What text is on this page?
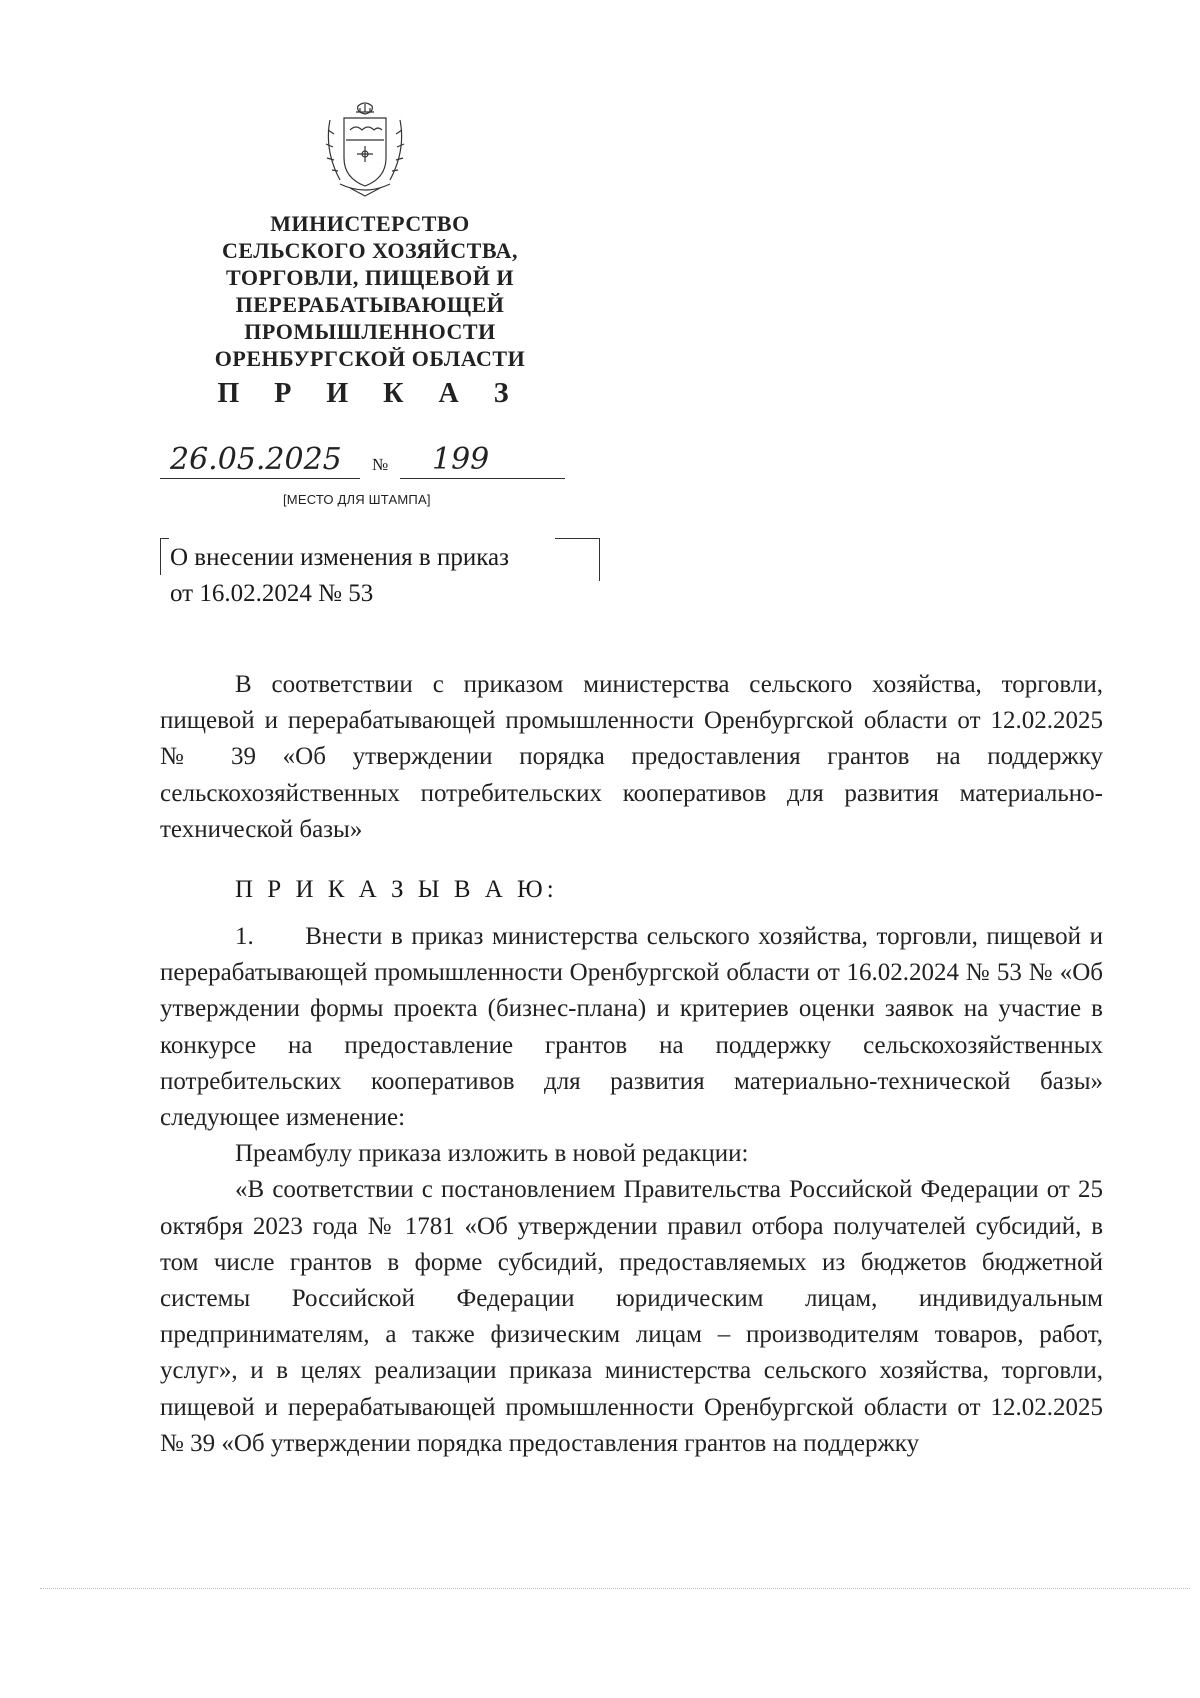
МИНИСТЕРСТВО
СЕЛЬСКОГО ХОЗЯЙСТВА,
ТОРГОВЛИ, ПИЩЕВОЙ И
ПЕРЕРАБАТЫВАЮЩЕЙ
ПРОМЫШЛЕННОСТИ
ОРЕНБУРГСКОЙ ОБЛАСТИ
П Р И К А З
26.05.2025 № 199
[МЕСТО ДЛЯ ШТАМПА]
О внесении изменения в приказ
от 16.02.2024 № 53

В соответствии с приказом министерства сельского хозяйства, торговли, пищевой и перерабатывающей промышленности Оренбургской области от 12.02.2025 № 39 «Об утверждении порядка предоставления грантов на поддержку сельскохозяйственных потребительских кооперативов для развития материально-технической базы»

П Р И К А З Ы В А Ю:

1.      Внести в приказ министерства сельского хозяйства, торговли, пищевой и перерабатывающей промышленности Оренбургской области от 16.02.2024 № 53 № «Об утверждении формы проекта (бизнес-плана) и критериев оценки заявок на участие в конкурсе на предоставление грантов на поддержку сельскохозяйственных потребительских кооперативов для развития материально-технической базы» следующее изменение:

Преамбулу приказа изложить в новой редакции:

«В соответствии с постановлением Правительства Российской Федерации от 25 октября 2023 года № 1781 «Об утверждении правил отбора получателей субсидий, в том числе грантов в форме субсидий, предоставляемых из бюджетов бюджетной системы Российской Федерации юридическим лицам, индивидуальным предпринимателям, а также физическим лицам – производителям товаров, работ, услуг», и в целях реализации приказа министерства сельского хозяйства, торговли, пищевой и перерабатывающей промышленности Оренбургской области от 12.02.2025 № 39 «Об утверждении порядка предоставления грантов на поддержку
